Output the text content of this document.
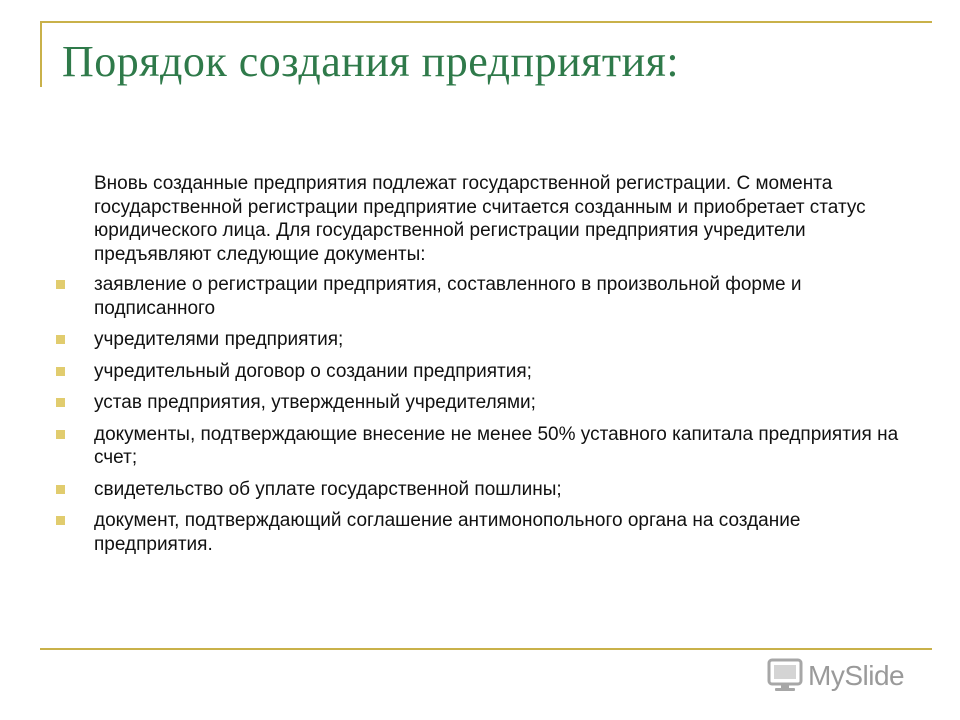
Порядок создания предприятия:

Вновь созданные предприятия подлежат государственной регистрации. С момента государственной регистрации предприятие считается созданным и приобретает статус юридического лица. Для государственной регистрации предприятия учредители предъявляют следующие документы:

заявление о регистрации предприятия, составленного в произвольной форме и подписанного
учредителями предприятия;
учредительный договор о создании предприятия;
устав предприятия, утвержденный учредителями;
документы, подтверждающие внесение не менее 50% уставного капитала предприятия на счет;
свидетельство об уплате государственной пошлины;
документ, подтверждающий соглашение антимонопольного органа на создание предприятия.
MySlide
